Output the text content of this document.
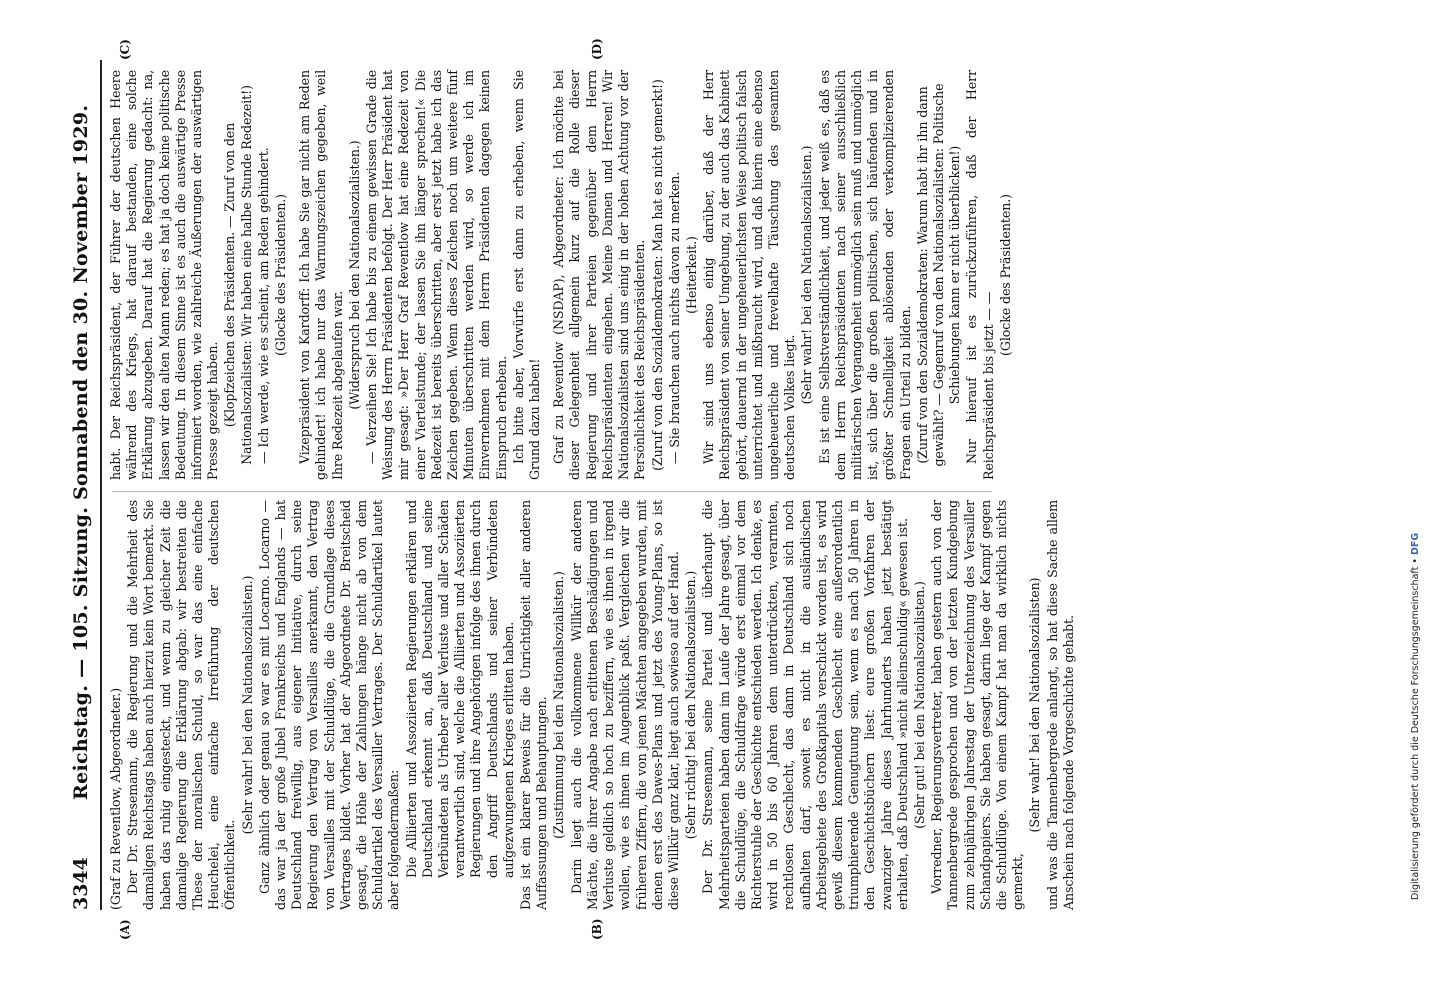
3344
Reichstag. — 105. Sitzung. Sonnabend den 30. November 1929.
(A)	(B)
(C)	(D)

(Graf zu Reventlow, Abgeordneter.) Der Dr. Stresemann, die Regierung und die Mehrheit des damaligen Reichstags haben auch hierzu kein Wort bemerkt. Sie haben das ruhig eingesteckt, und wenn zu gleicher Zeit die damalige Regierung die Erklärung abgab: wir bestreiten die These der moralischen Schuld, so war das eine einfache Heuchelei, eine einfache Irreführung der deutschen Öffentlichkeit.

(Sehr wahr! bei den Nationalsozialisten.) Ganz ähnlich oder genau so war es mit Locarno. Locarno — das war ja der große Jubel Frankreichs und Englands — hat Deutschland freiwillig, aus eigener Initiative, durch seine Regierung den Vertrag von Versailles anerkannt, den Vertrag von Versailles mit der Schuldlüge, die die Grundlage dieses Vertrages bildet. Vorher hat der Abgeordnete Dr. Breitscheid gesagt, die Höhe der Zahlungen hänge nicht ab von dem Schuldartikel des Versailler Vertrages. Der Schuldartikel lautet aber folgendermaßen: Die Alliierten und Assoziierten Regierungen erklären und Deutschland erkennt an, daß Deutschland und seine Verbündeten als Urheber aller Verluste und aller Schäden verantwortlich sind, welche die Alliierten und Assoziierten Regierungen und ihre Angehörigen infolge des ihnen durch den Angriff Deutschlands und seiner Verbündeten aufgezwungenen Krieges erlitten haben. Das ist ein klarer Beweis für die Unrichtigkeit aller anderen Auffassungen und Behauptungen. (Zustimmung bei den Nationalsozialisten.) Darin liegt auch die vollkommene Willkür der anderen Mächte, die ihrer Angabe nach erlittenen Beschädigungen und Verluste geldlich so hoch zu beziffern, wie es ihnen in irgend wollen, wie es ihnen im Augenblick paßt. Vergleichen wir die früheren Ziffern, die von jenen Mächten angegeben wurden, mit denen erst des Dawes-Plans und jetzt des Young-Plans, so ist diese Willkür ganz klar, liegt auch sowieso auf der Hand. (Sehr richtig! bei den Nationalsozialisten.) Der Dr. Stresemann, seine Partei und überhaupt die Mehrheitsparteien haben dann im Laufe der Jahre gesagt, über die Schuldlüge, die Schuldfrage würde erst einmal vor dem Richterstuhle der Geschichte entschieden werden. Ich denke, es wird in 50 bis 60 Jahren dem unterdrückten, verarmten, rechtlosen Geschlecht, das dann in Deutschland sich noch aufhalten darf, soweit es nicht in die ausländischen Arbeitsgebiete des Großkapitals verschickt worden ist, es wird gewiß diesem kommenden Geschlecht eine außerordentlich triumphierende Genugtuung sein, wenn es nach 50 Jahren in den Geschichtsbüchern liest: eure großen Vorfahren der zwanziger Jahre dieses Jahrhunderts haben jetzt bestätigt erhalten, daß Deutschland »nicht alleinschuldig« gewesen ist. (Sehr gut! bei den Nationalsozialisten.) Vorredner, Regierungsvertreter, haben gestern auch von der Tannenbergrede gesprochen und von der letzten Kundgebung zum zehnjährigen Jahrestag der Unterzeichnung des Versailler Schandpapiers. Sie haben gesagt, darin liege der Kampf gegen die Schuldlüge. Von einem Kampf hat man da wirklich nichts gemerkt,

(Sehr wahr! bei den Nationalsozialisten) und was die Tannenbergrede anlangt, so hat diese Sache allem Anschein nach folgende Vorgeschichte gehabt.

habt. Der Reichspräsident, der Führer der deutschen Heere während des Kriegs, hat darauf bestanden, eine solche Erklärung abzugeben. Darauf hat die Regierung gedacht: na, lassen wir den alten Mann reden; es hat ja doch keine politische Bedeutung. In diesem Sinne ist es auch die auswärtige Presse informiert worden, wie zahlreiche Äußerungen der auswärtigen Presse gezeigt haben. (Klopfzeichen des Präsidenten. — Zuruf von den Nationalsozialisten: Wir haben eine halbe Stunde Redezeit!) — Ich werde, wie es scheint, am Reden gehindert. (Glocke des Präsidenten.) Vizepräsident von Kardorff: Ich habe Sie gar nicht am Reden gehindert! ich habe nur das Warnungszeichen gegeben, weil Ihre Redezeit abgelaufen war. (Widerspruch bei den Nationalsozialisten.) — Verzeihen Sie! Ich habe bis zu einem gewissen Grade die Weisung des Herrn Präsidenten befolgt. Der Herr Präsident hat mir gesagt: »Der Herr Graf Reventlow hat eine Redezeit von einer Viertelstunde; der lassen Sie ihn länger sprechen!« Die Redezeit ist bereits überschritten, aber erst jetzt habe ich das Zeichen gegeben. Wenn dieses Zeichen noch um weitere fünf Minuten überschritten werden wird, so werde ich im Einvernehmen mit dem Herrn Präsidenten dagegen keinen Einspruch erheben. Ich bitte aber, Vorwürfe erst dann zu erheben, wenn Sie Grund dazu haben! Graf zu Reventlow (NSDAP), Abgeordneter: Ich möchte bei dieser Gelegenheit allgemein kurz auf die Rolle dieser Regierung und ihrer Parteien gegenüber dem Herrn Reichspräsidenten eingehen. Meine Damen und Herren! Wir Nationalsozialisten sind uns einig in der hohen Achtung vor der Persönlichkeit des Reichspräsidenten. (Zuruf von den Sozialdemokraten: Man hat es nicht gemerkt!) — Sie brauchen auch nichts davon zu merken. (Heiterkeit.) Wir sind uns ebenso einig darüber, daß der Herr Reichspräsident von seiner Umgebung, zu der auch das Kabinett gehört, dauernd in der ungeheuerlichsten Weise politisch falsch unterrichtet und mißbraucht wird, und daß hierin eine ebenso ungeheuerliche und frevelhafte Täuschung des gesamten deutschen Volkes liegt.

(Sehr wahr! bei den Nationalsozialisten.) Es ist eine Selbstverständlichkeit, und jeder weiß es, daß es dem Herrn Reichspräsidenten nach seiner ausschließlich militärischen Vergangenheit unmöglich sein muß und unmöglich ist, sich über die großen politischen, sich häufenden und in größter Schnelligkeit ablösenden oder verkomplizierenden Fragen ein Urteil zu bilden. (Zuruf von den Sozialdemokraten: Warum habt ihr ihn dann gewählt? — Gegenruf von den Nationalsozialisten: Politische Schiebungen kann er nicht überblicken!) Nur hierauf ist es zurückzuführen, daß der Herr Reichspräsident bis jetzt — —

(Glocke des Präsidenten.)

Digitalisierung gefördert durch die Deutsche Forschungsgemeinschaft • DFG
